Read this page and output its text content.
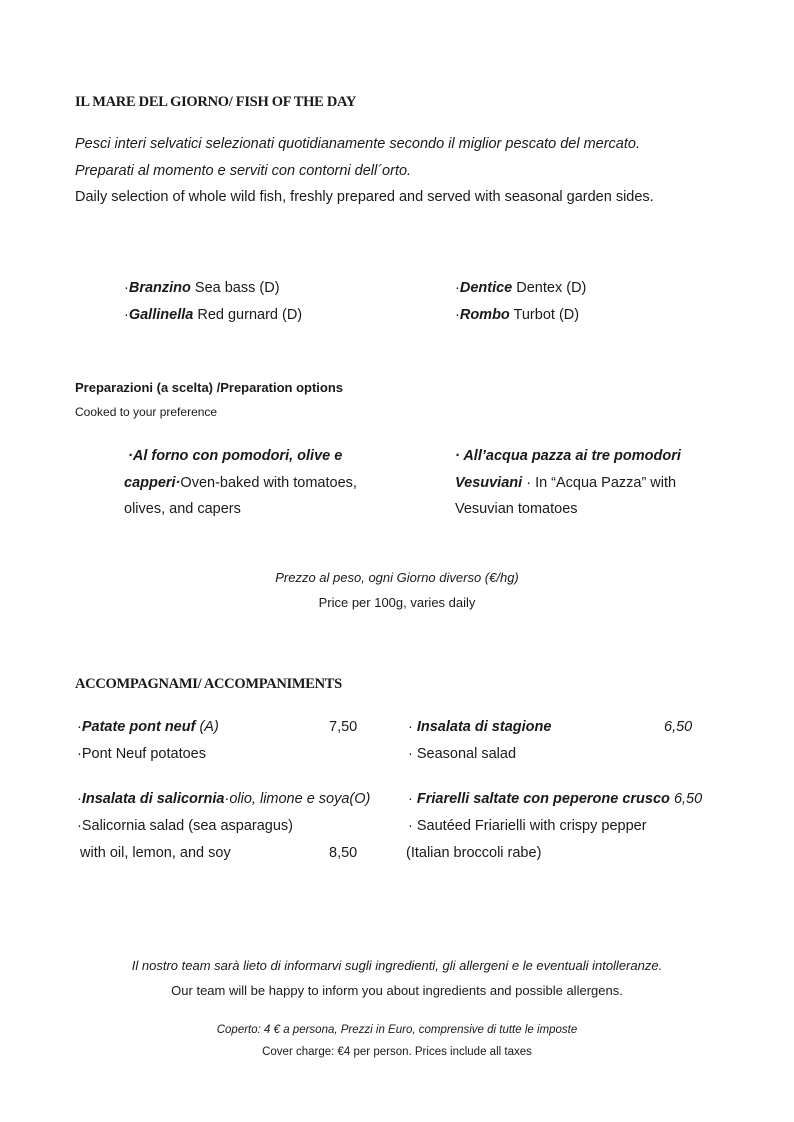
IL MARE DEL GIORNO/ FISH OF THE DAY
Pesci interi selvatici selezionati quotidianamente secondo il miglior pescato del mercato.
Preparati al momento e serviti con contorni dell´orto.
Daily selection of whole wild fish, freshly prepared and served with seasonal garden sides.
·Branzino Sea bass (D)
·Gallinella Red gurnard (D)
·Dentice Dentex (D)
·Rombo Turbot (D)
Preparazioni (a scelta) /Preparation options
Cooked to your preference
·Al forno con pomodori, olive e
capperi·Oven-baked with tomatoes,
olives, and capers
· All’acqua pazza ai tre pomodori
Vesuviani · In “Acqua Pazza” with
Vesuvian tomatoes
Prezzo al peso, ogni Giorno diverso (€/hg)
Price per 100g, varies daily
ACCOMPAGNAMI/ ACCOMPANIMENTS
·Patate pont neuf (A)	7,50
·Pont Neuf potatoes
· Insalata di stagione	6,50
· Seasonal salad
·Insalata di salicornia·olio, limone e soya(O)
·Salicornia salad (sea asparagus)
with oil, lemon, and soy	8,50
· Friarelli saltate con peperone crusco 6,50
· Sautéed Friarielli with crispy pepper
(Italian broccoli rabe)
Il nostro team sarà lieto di informarvi sugli ingredienti, gli allergeni e le eventuali intolleranze.
Our team will be happy to inform you about ingredients and possible allergens.
Coperto: 4 € a persona, Prezzi in Euro, comprensive di tutte le imposte
Cover charge: €4 per person. Prices include all taxes
